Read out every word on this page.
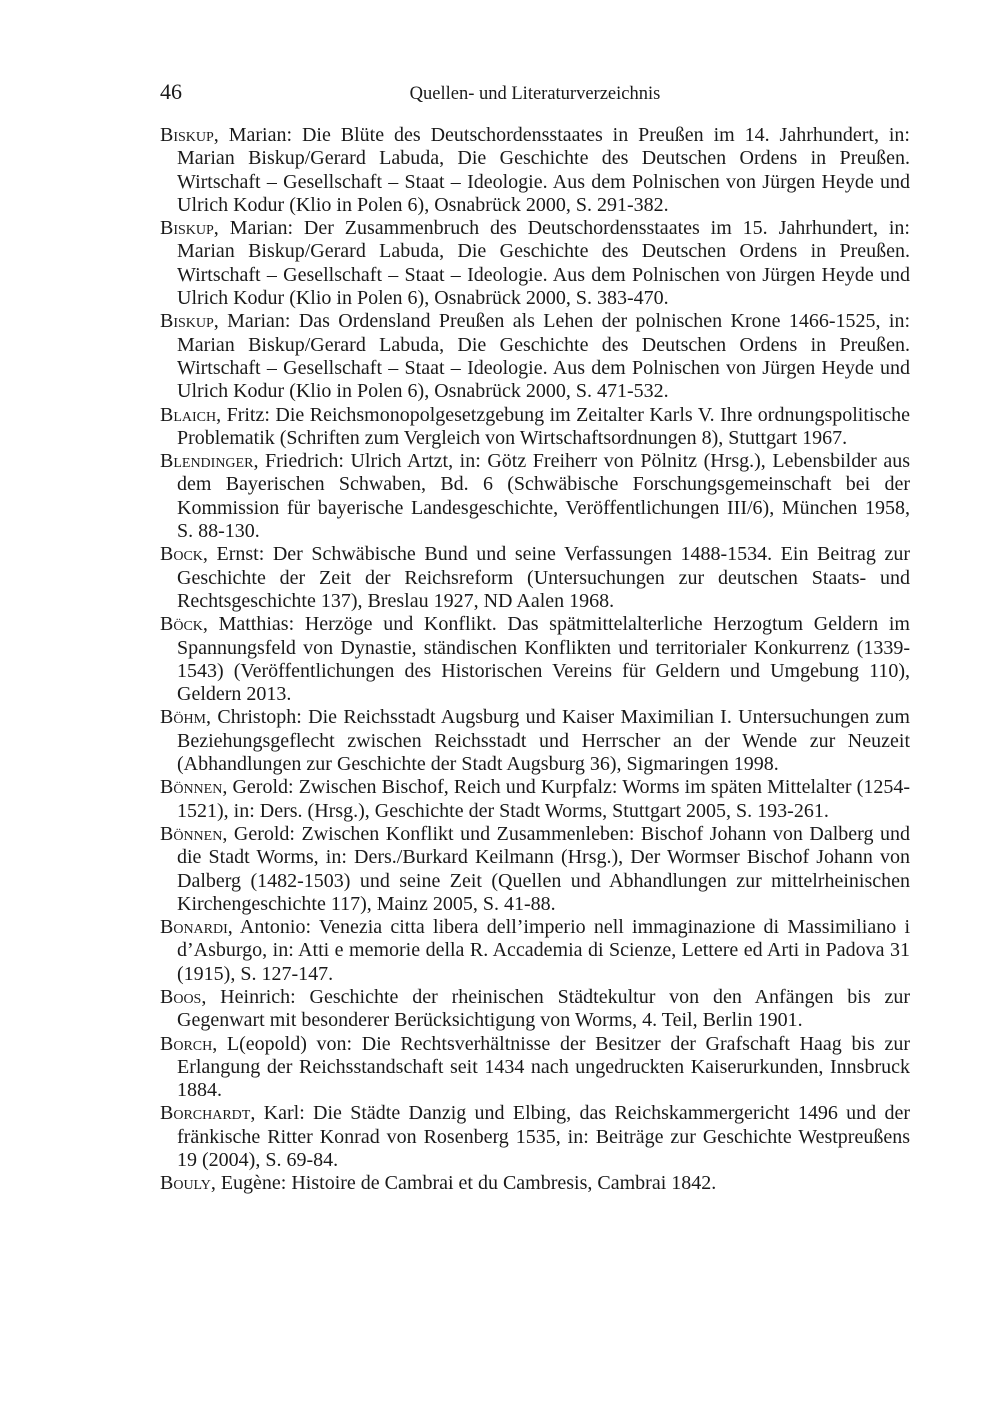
46	Quellen- und Literaturverzeichnis
Biskup, Marian: Die Blüte des Deutschordensstaates in Preußen im 14. Jahrhundert, in: Marian Biskup/Gerard Labuda, Die Geschichte des Deutschen Ordens in Preußen. Wirtschaft – Gesellschaft – Staat – Ideologie. Aus dem Polnischen von Jürgen Heyde und Ulrich Kodur (Klio in Polen 6), Osnabrück 2000, S. 291-382.
Biskup, Marian: Der Zusammenbruch des Deutschordensstaates im 15. Jahrhundert, in: Marian Biskup/Gerard Labuda, Die Geschichte des Deutschen Ordens in Preußen. Wirtschaft – Gesellschaft – Staat – Ideologie. Aus dem Polnischen von Jürgen Heyde und Ulrich Kodur (Klio in Polen 6), Osnabrück 2000, S. 383-470.
Biskup, Marian: Das Ordensland Preußen als Lehen der polnischen Krone 1466-1525, in: Marian Biskup/Gerard Labuda, Die Geschichte des Deutschen Ordens in Preußen. Wirtschaft – Gesellschaft – Staat – Ideologie. Aus dem Polnischen von Jürgen Heyde und Ulrich Kodur (Klio in Polen 6), Osnabrück 2000, S. 471-532.
Blaich, Fritz: Die Reichsmonopolgesetzgebung im Zeitalter Karls V. Ihre ordnungspolitische Problematik (Schriften zum Vergleich von Wirtschaftsordnungen 8), Stuttgart 1967.
Blendinger, Friedrich: Ulrich Artzt, in: Götz Freiherr von Pölnitz (Hrsg.), Lebensbilder aus dem Bayerischen Schwaben, Bd. 6 (Schwäbische Forschungsgemeinschaft bei der Kommission für bayerische Landesgeschichte, Veröffentlichungen III/6), München 1958, S. 88-130.
Bock, Ernst: Der Schwäbische Bund und seine Verfassungen 1488-1534. Ein Beitrag zur Geschichte der Zeit der Reichsreform (Untersuchungen zur deutschen Staats- und Rechtsgeschichte 137), Breslau 1927, ND Aalen 1968.
Böck, Matthias: Herzöge und Konflikt. Das spätmittelalterliche Herzogtum Geldern im Spannungsfeld von Dynastie, ständischen Konflikten und territorialer Konkurrenz (1339-1543) (Veröffentlichungen des Historischen Vereins für Geldern und Umgebung 110), Geldern 2013.
Böhm, Christoph: Die Reichsstadt Augsburg und Kaiser Maximilian I. Untersuchungen zum Beziehungsgeflecht zwischen Reichsstadt und Herrscher an der Wende zur Neuzeit (Abhandlungen zur Geschichte der Stadt Augsburg 36), Sigmaringen 1998.
Bönnen, Gerold: Zwischen Bischof, Reich und Kurpfalz: Worms im späten Mittelalter (1254-1521), in: Ders. (Hrsg.), Geschichte der Stadt Worms, Stuttgart 2005, S. 193-261.
Bönnen, Gerold: Zwischen Konflikt und Zusammenleben: Bischof Johann von Dalberg und die Stadt Worms, in: Ders./Burkard Keilmann (Hrsg.), Der Wormser Bischof Johann von Dalberg (1482-1503) und seine Zeit (Quellen und Abhandlungen zur mittelrheinischen Kirchengeschichte 117), Mainz 2005, S. 41-88.
Bonardi, Antonio: Venezia citta libera dell’imperio nell immaginazione di Massimiliano i d’Asburgo, in: Atti e memorie della R. Accademia di Scienze, Lettere ed Arti in Padova 31 (1915), S. 127-147.
Boos, Heinrich: Geschichte der rheinischen Städtekultur von den Anfängen bis zur Gegenwart mit besonderer Berücksichtigung von Worms, 4. Teil, Berlin 1901.
Borch, L(eopold) von: Die Rechtsverhältnisse der Besitzer der Grafschaft Haag bis zur Erlangung der Reichsstandschaft seit 1434 nach ungedruckten Kaiserurkunden, Innsbruck 1884.
Borchardt, Karl: Die Städte Danzig und Elbing, das Reichskammergericht 1496 und der fränkische Ritter Konrad von Rosenberg 1535, in: Beiträge zur Geschichte Westpreußens 19 (2004), S. 69-84.
Bouly, Eugène: Histoire de Cambrai et du Cambresis, Cambrai 1842.
